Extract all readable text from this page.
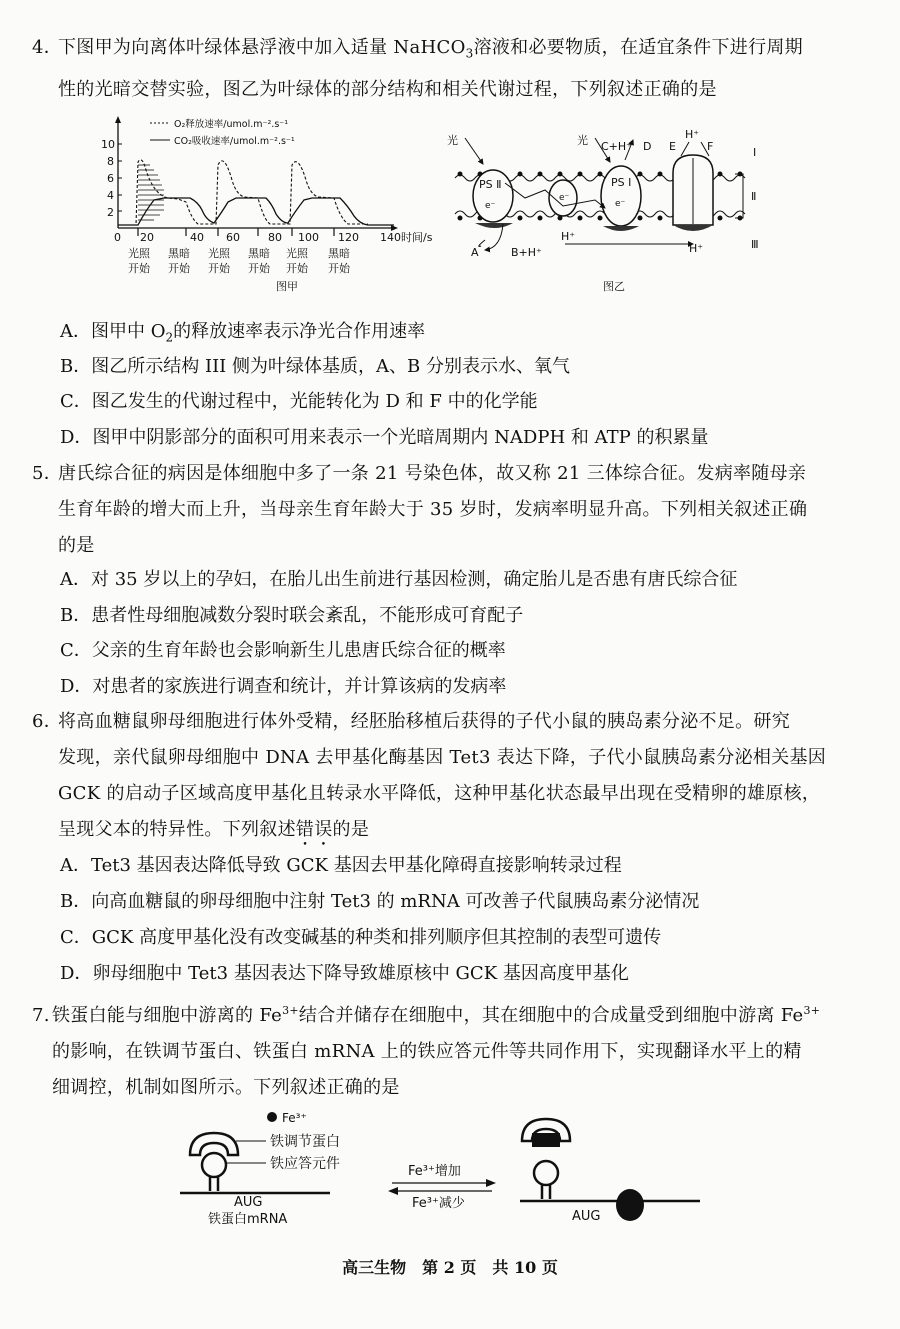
4．下图甲为向离体叶绿体悬浮液中加入适量 NaHCO$_3$溶液和必要物质，在适宜条件下进行周期

性的光暗交替实验，图乙为叶绿体的部分结构和相关代谢过程，下列叙述正确的是

O₂释放速率/umol.m⁻².s⁻¹
CO₂吸收速率/umol.m⁻².s⁻¹
10
8
6
4
2
0 20	40 60	80 100 120 140 时间/s
光照
开始
黑暗
开始
光照
开始
黑暗
开始
光照
开始
黑暗
开始
图甲
光	光 C+H⁺ D E
H⁺
F
PS Ⅱ	PS Ⅰ
e⁻
e⁻
e⁻
A	B+H⁺
H⁺
H⁺
Ⅰ
Ⅱ
Ⅲ
图乙
A．图甲中 $O_2$的释放速率表示净光合作用速率
B．图乙所示结构 III 侧为叶绿体基质，A、B 分别表示水、氧气
C．图乙发生的代谢过程中，光能转化为 D 和 F 中的化学能
D．图甲中阴影部分的面积可用来表示一个光暗周期内 NADPH 和 ATP 的积累量

5．唐氏综合征的病因是体细胞中多了一条 21 号染色体，故又称 21 三体综合征。发病率随母亲

生育年龄的增大而上升，当母亲生育年龄大于 35 岁时，发病率明显升高。下列相关叙述正确

的是

A．对 35 岁以上的孕妇，在胎儿出生前进行基因检测，确定胎儿是否患有唐氏综合征
B．患者性母细胞减数分裂时联会紊乱，不能形成可育配子
C．父亲的生育年龄也会影响新生儿患唐氏综合征的概率
D．对患者的家族进行调查和统计，并计算该病的发病率

6．将高血糖鼠卵母细胞进行体外受精，经胚胎移植后获得的子代小鼠的胰岛素分泌不足。研究

发现，亲代鼠卵母细胞中 DNA 去甲基化酶基因 Tet3 表达下降，子代小鼠胰岛素分泌相关基因

GCK 的启动子区域高度甲基化且转录水平降低，这种甲基化状态最早出现在受精卵的雄原核，

呈现父本的特异性。下列叙述错误的是

A．Tet3 基因表达降低导致 GCK 基因去甲基化障碍直接影响转录过程
B．向高血糖鼠的卵母细胞中注射 Tet3 的 mRNA 可改善子代鼠胰岛素分泌情况
C．GCK 高度甲基化没有改变碱基的种类和排列顺序但其控制的表型可遗传
D．卵母细胞中 Tet3 基因表达下降导致雄原核中 GCK 基因高度甲基化

7. 铁蛋白能与细胞中游离的 $Fe^{3+}$结合并储存在细胞中，其在细胞中的合成量受到细胞中游离 $Fe^{3+}$

的影响，在铁调节蛋白、铁蛋白 mRNA 上的铁应答元件等共同作用下，实现翻译水平上的精

细调控，机制如图所示。下列叙述正确的是

Fe³⁺
铁调节蛋白
铁应答元件
AUG
铁蛋白mRNA
Fe³⁺增加
Fe³⁺减少
AUG
高三生物　第 2 页　共 10 页
